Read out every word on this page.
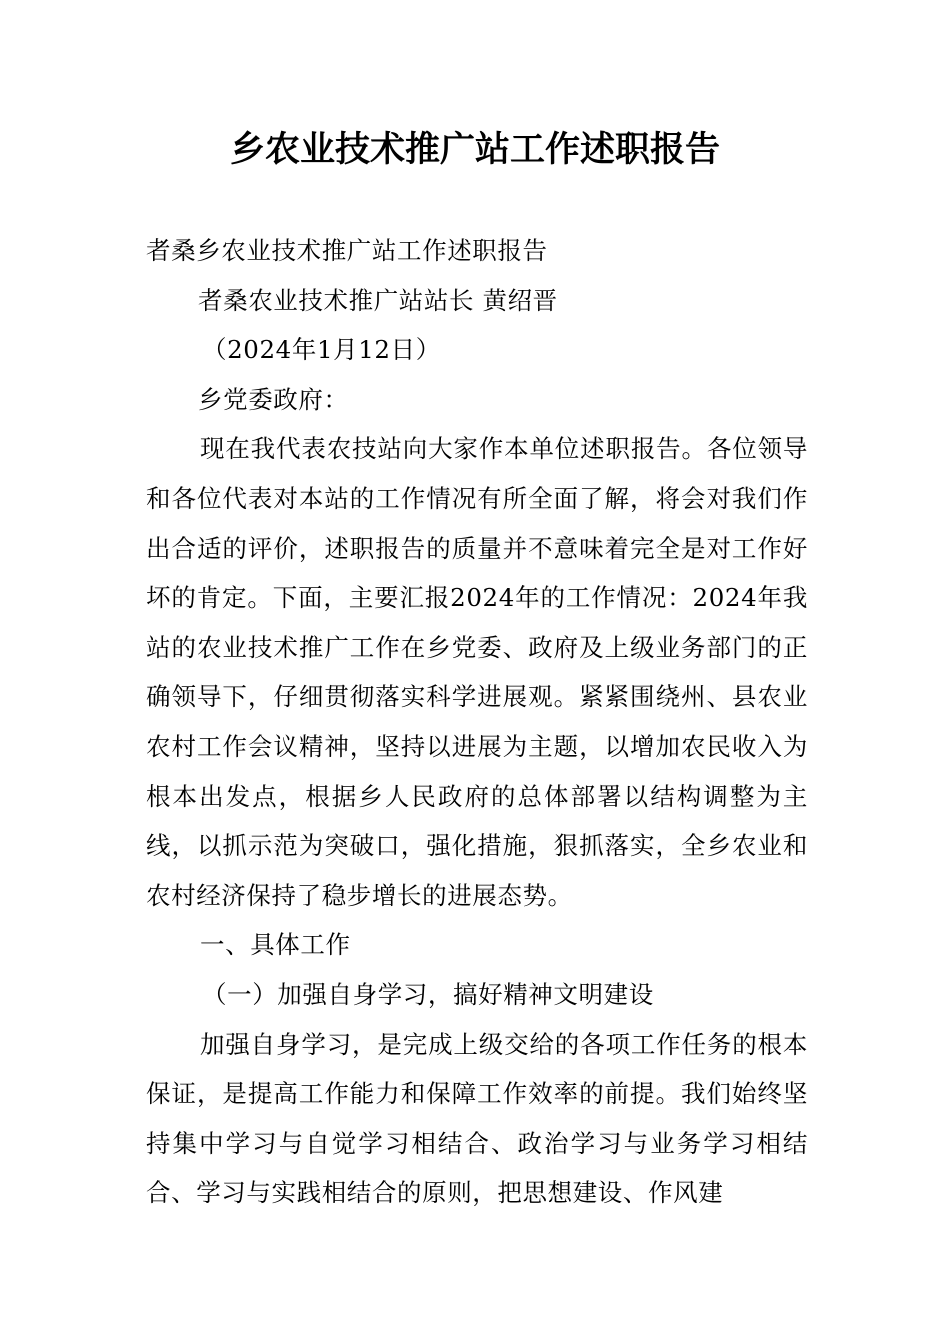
乡农业技术推广站工作述职报告
者桑乡农业技术推广站工作述职报告
者桑农业技术推广站站长 黄绍晋
（2024年1月12日）
乡党委政府：
现在我代表农技站向大家作本单位述职报告。各位领导和各位代表对本站的工作情况有所全面了解，将会对我们作出合适的评价，述职报告的质量并不意味着完全是对工作好坏的肯定。下面，主要汇报2024年的工作情况：2024年我站的农业技术推广工作在乡党委、政府及上级业务部门的正确领导下，仔细贯彻落实科学进展观。紧紧围绕州、县农业农村工作会议精神，坚持以进展为主题，以增加农民收入为根本出发点，根据乡人民政府的总体部署以结构调整为主线，以抓示范为突破口，强化措施，狠抓落实，全乡农业和农村经济保持了稳步增长的进展态势。
一、具体工作
（一）加强自身学习，搞好精神文明建设
加强自身学习，是完成上级交给的各项工作任务的根本保证，是提高工作能力和保障工作效率的前提。我们始终坚持集中学习与自觉学习相结合、政治学习与业务学习相结合、学习与实践相结合的原则，把思想建设、作风建
